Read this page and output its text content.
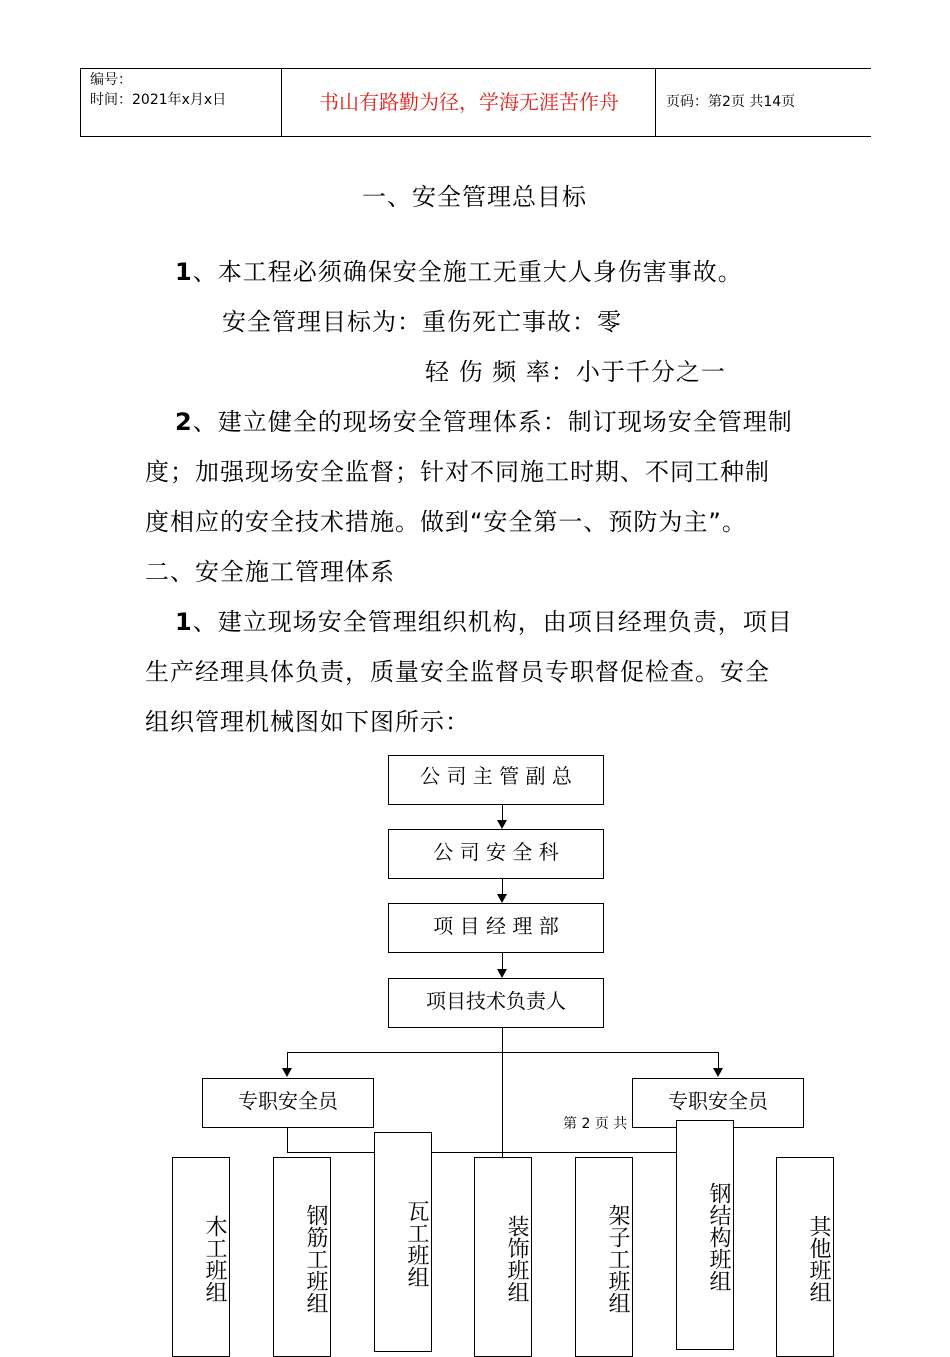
编号：
时间：2021年x月x日	书山有路勤为径，学海无涯苦作舟	页码：第2页 共14页
一、安全管理总目标
1、本工程必须确保安全施工无重大人身伤害事故。
安全管理目标为：重伤死亡事故：零
轻 伤 频 率：小于千分之一
2、建立健全的现场安全管理体系：制订现场安全管理制
度；加强现场安全监督；针对不同施工时期、不同工种制
度相应的安全技术措施。做到“安全第一、预防为主”。
二、安全施工管理体系
1、建立现场安全管理组织机构，由项目经理负责，项目
生产经理具体负责，质量安全监督员专职督促检查。安全
组织管理机械图如下图所示：
公 司 主 管 副 总
公 司 安 全 科
项 目 经 理 部
项目技术负责人
专职安全员	专职安全员
第 2 页 共
木工班组	钢筋工班组	瓦工班组	装饰班组	架子工班组	钢结构班组	其他班组
